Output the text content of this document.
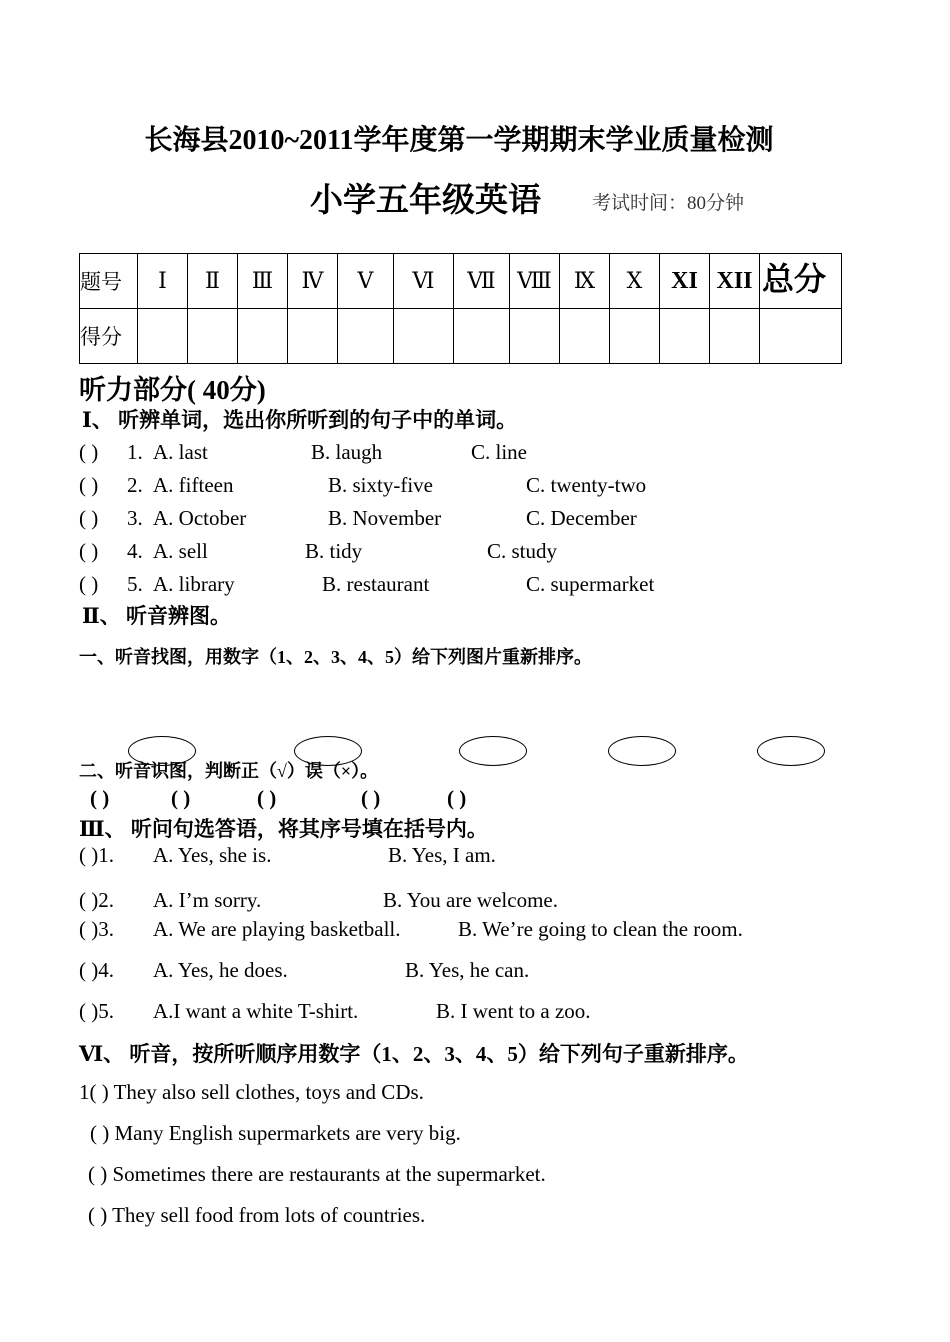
长海县2010~2011学年度第一学期期末学业质量检测
小学五年级英语	考试时间：80分钟
题号	Ⅰ	Ⅱ	Ⅲ	Ⅳ	Ⅴ	Ⅵ	Ⅶ	Ⅷ	Ⅸ	Ⅹ	XI	XII	总分
得分													
听力部分( 40分)
Ⅰ、 听辨单词，选出你所听到的句子中的单词。
( ) 1. A. last	B. laugh	C. line
( ) 2. A. fifteen	B. sixty-five	C. twenty-two
( ) 3. A. October	B. November	C. December
( ) 4. A. sell	B. tidy	C. study
( ) 5. A. library	B. restaurant	C. supermarket
Ⅱ、 听音辨图。
一、听音找图，用数字（1、2、3、4、5）给下列图片重新排序。
二、听音识图，判断正（√）误（×）。
( )	( )	( )	( )	( )
Ⅲ、 听问句选答语，将其序号填在括号内。
( )1. A. Yes, she is.	B. Yes, I am.
( )2. A. I’m sorry.	B. You are welcome.
( )3. A. We are playing basketball.	B. We’re going to clean the room.
( )4. A. Yes, he does.	B. Yes, he can.
( )5. A.I want a white T-shirt.	B. I went to a zoo.
Ⅵ、 听音，按所听顺序用数字（1、2、3、4、5）给下列句子重新排序。
1( ) They also sell clothes, toys and CDs.
( ) Many English supermarkets are very big.
( ) Sometimes there are restaurants at the supermarket.
( ) They sell food from lots of countries.
